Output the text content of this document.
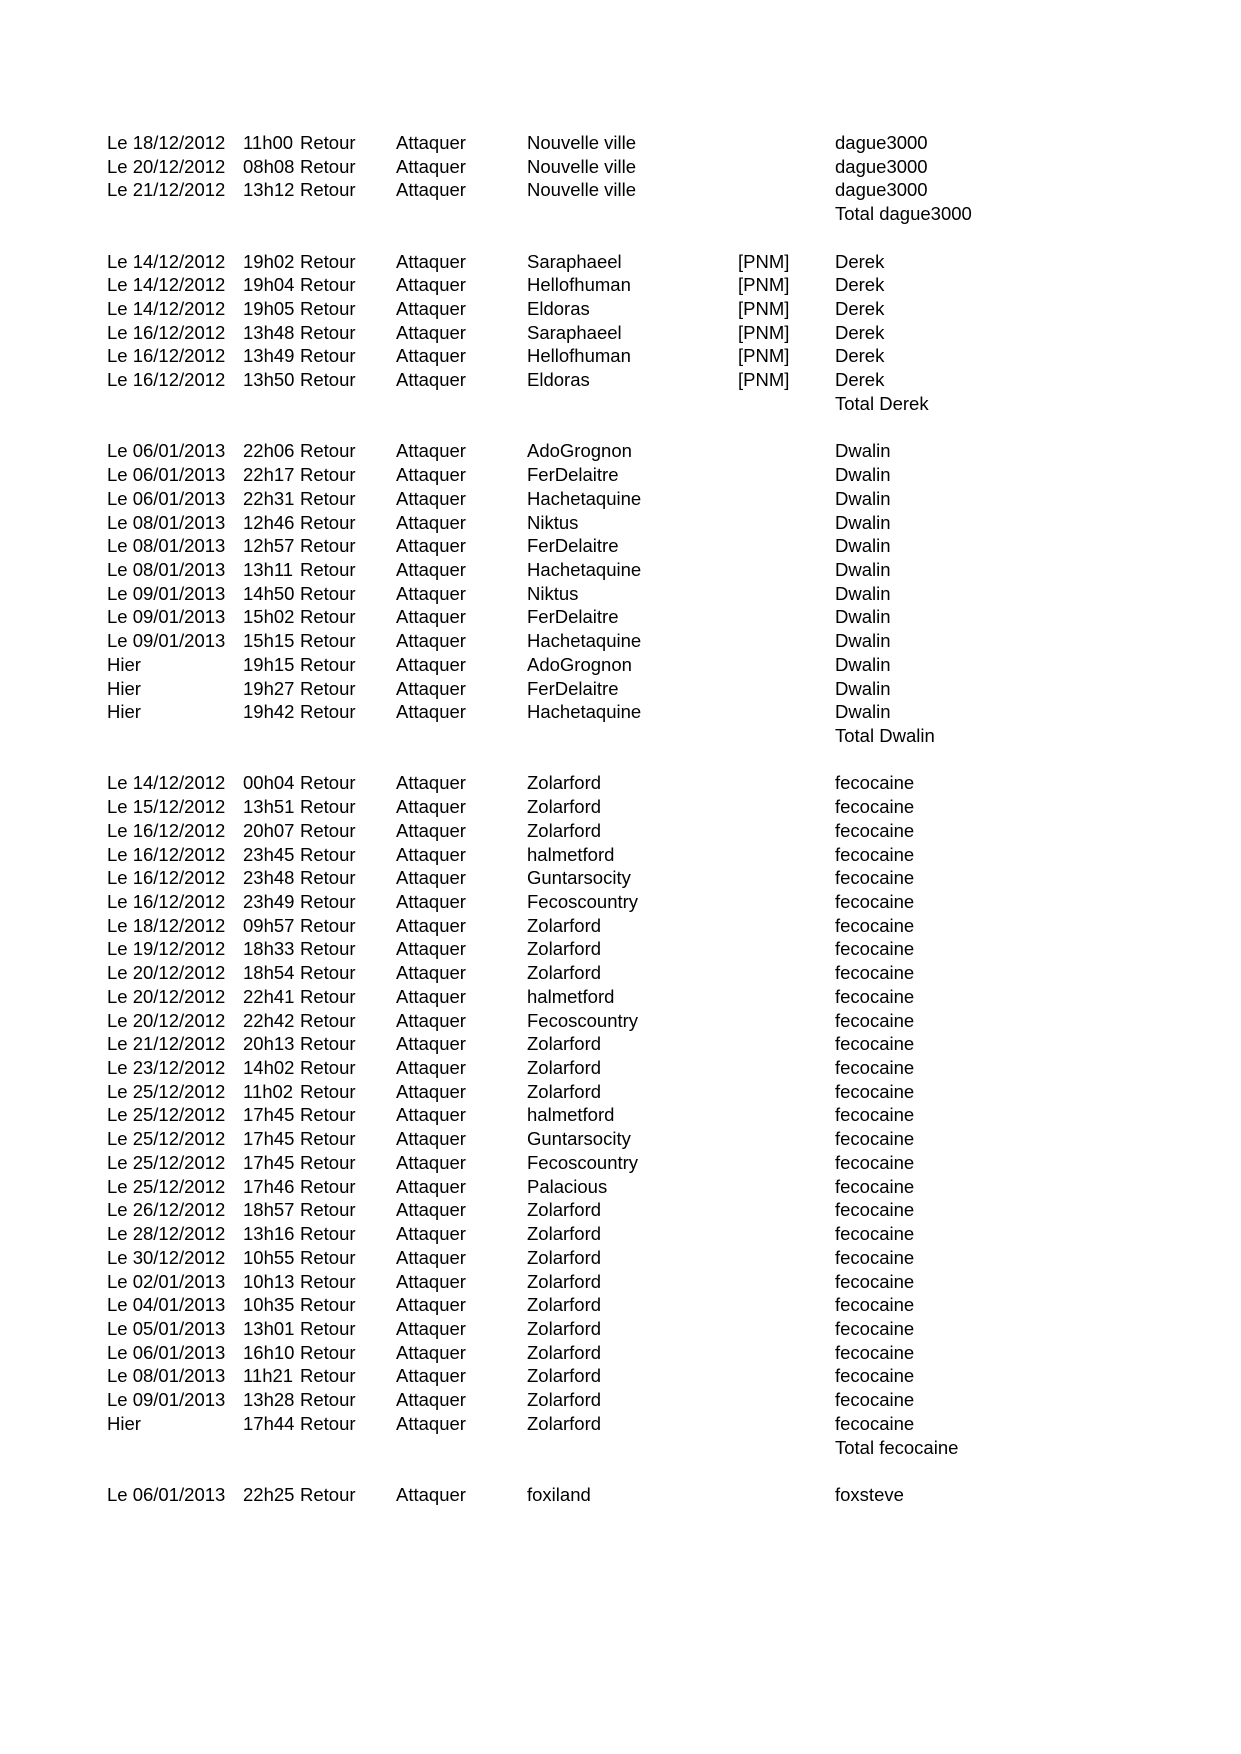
Le 18/12/2012	11h00	Retour	Attaquer	Nouvelle ville		dague3000
Le 20/12/2012	08h08	Retour	Attaquer	Nouvelle ville		dague3000
Le 21/12/2012	13h12	Retour	Attaquer	Nouvelle ville		dague3000
						Total dague3000

Le 14/12/2012	19h02	Retour	Attaquer	Saraphaeel	[PNM]	Derek
Le 14/12/2012	19h04	Retour	Attaquer	Hellofhuman	[PNM]	Derek
Le 14/12/2012	19h05	Retour	Attaquer	Eldoras	[PNM]	Derek
Le 16/12/2012	13h48	Retour	Attaquer	Saraphaeel	[PNM]	Derek
Le 16/12/2012	13h49	Retour	Attaquer	Hellofhuman	[PNM]	Derek
Le 16/12/2012	13h50	Retour	Attaquer	Eldoras	[PNM]	Derek
						Total Derek

Le 06/01/2013	22h06	Retour	Attaquer	AdoGrognon		Dwalin
Le 06/01/2013	22h17	Retour	Attaquer	FerDelaitre		Dwalin
Le 06/01/2013	22h31	Retour	Attaquer	Hachetaquine		Dwalin
Le 08/01/2013	12h46	Retour	Attaquer	Niktus		Dwalin
Le 08/01/2013	12h57	Retour	Attaquer	FerDelaitre		Dwalin
Le 08/01/2013	13h11	Retour	Attaquer	Hachetaquine		Dwalin
Le 09/01/2013	14h50	Retour	Attaquer	Niktus		Dwalin
Le 09/01/2013	15h02	Retour	Attaquer	FerDelaitre		Dwalin
Le 09/01/2013	15h15	Retour	Attaquer	Hachetaquine		Dwalin
Hier	19h15	Retour	Attaquer	AdoGrognon		Dwalin
Hier	19h27	Retour	Attaquer	FerDelaitre		Dwalin
Hier	19h42	Retour	Attaquer	Hachetaquine		Dwalin
						Total Dwalin

Le 14/12/2012	00h04	Retour	Attaquer	Zolarford		fecocaine
Le 15/12/2012	13h51	Retour	Attaquer	Zolarford		fecocaine
Le 16/12/2012	20h07	Retour	Attaquer	Zolarford		fecocaine
Le 16/12/2012	23h45	Retour	Attaquer	halmetford		fecocaine
Le 16/12/2012	23h48	Retour	Attaquer	Guntarsocity		fecocaine
Le 16/12/2012	23h49	Retour	Attaquer	Fecoscountry		fecocaine
Le 18/12/2012	09h57	Retour	Attaquer	Zolarford		fecocaine
Le 19/12/2012	18h33	Retour	Attaquer	Zolarford		fecocaine
Le 20/12/2012	18h54	Retour	Attaquer	Zolarford		fecocaine
Le 20/12/2012	22h41	Retour	Attaquer	halmetford		fecocaine
Le 20/12/2012	22h42	Retour	Attaquer	Fecoscountry		fecocaine
Le 21/12/2012	20h13	Retour	Attaquer	Zolarford		fecocaine
Le 23/12/2012	14h02	Retour	Attaquer	Zolarford		fecocaine
Le 25/12/2012	11h02	Retour	Attaquer	Zolarford		fecocaine
Le 25/12/2012	17h45	Retour	Attaquer	halmetford		fecocaine
Le 25/12/2012	17h45	Retour	Attaquer	Guntarsocity		fecocaine
Le 25/12/2012	17h45	Retour	Attaquer	Fecoscountry		fecocaine
Le 25/12/2012	17h46	Retour	Attaquer	Palacious		fecocaine
Le 26/12/2012	18h57	Retour	Attaquer	Zolarford		fecocaine
Le 28/12/2012	13h16	Retour	Attaquer	Zolarford		fecocaine
Le 30/12/2012	10h55	Retour	Attaquer	Zolarford		fecocaine
Le 02/01/2013	10h13	Retour	Attaquer	Zolarford		fecocaine
Le 04/01/2013	10h35	Retour	Attaquer	Zolarford		fecocaine
Le 05/01/2013	13h01	Retour	Attaquer	Zolarford		fecocaine
Le 06/01/2013	16h10	Retour	Attaquer	Zolarford		fecocaine
Le 08/01/2013	11h21	Retour	Attaquer	Zolarford		fecocaine
Le 09/01/2013	13h28	Retour	Attaquer	Zolarford		fecocaine
Hier	17h44	Retour	Attaquer	Zolarford		fecocaine
						Total fecocaine

Le 06/01/2013	22h25	Retour	Attaquer	foxiland		foxsteve
